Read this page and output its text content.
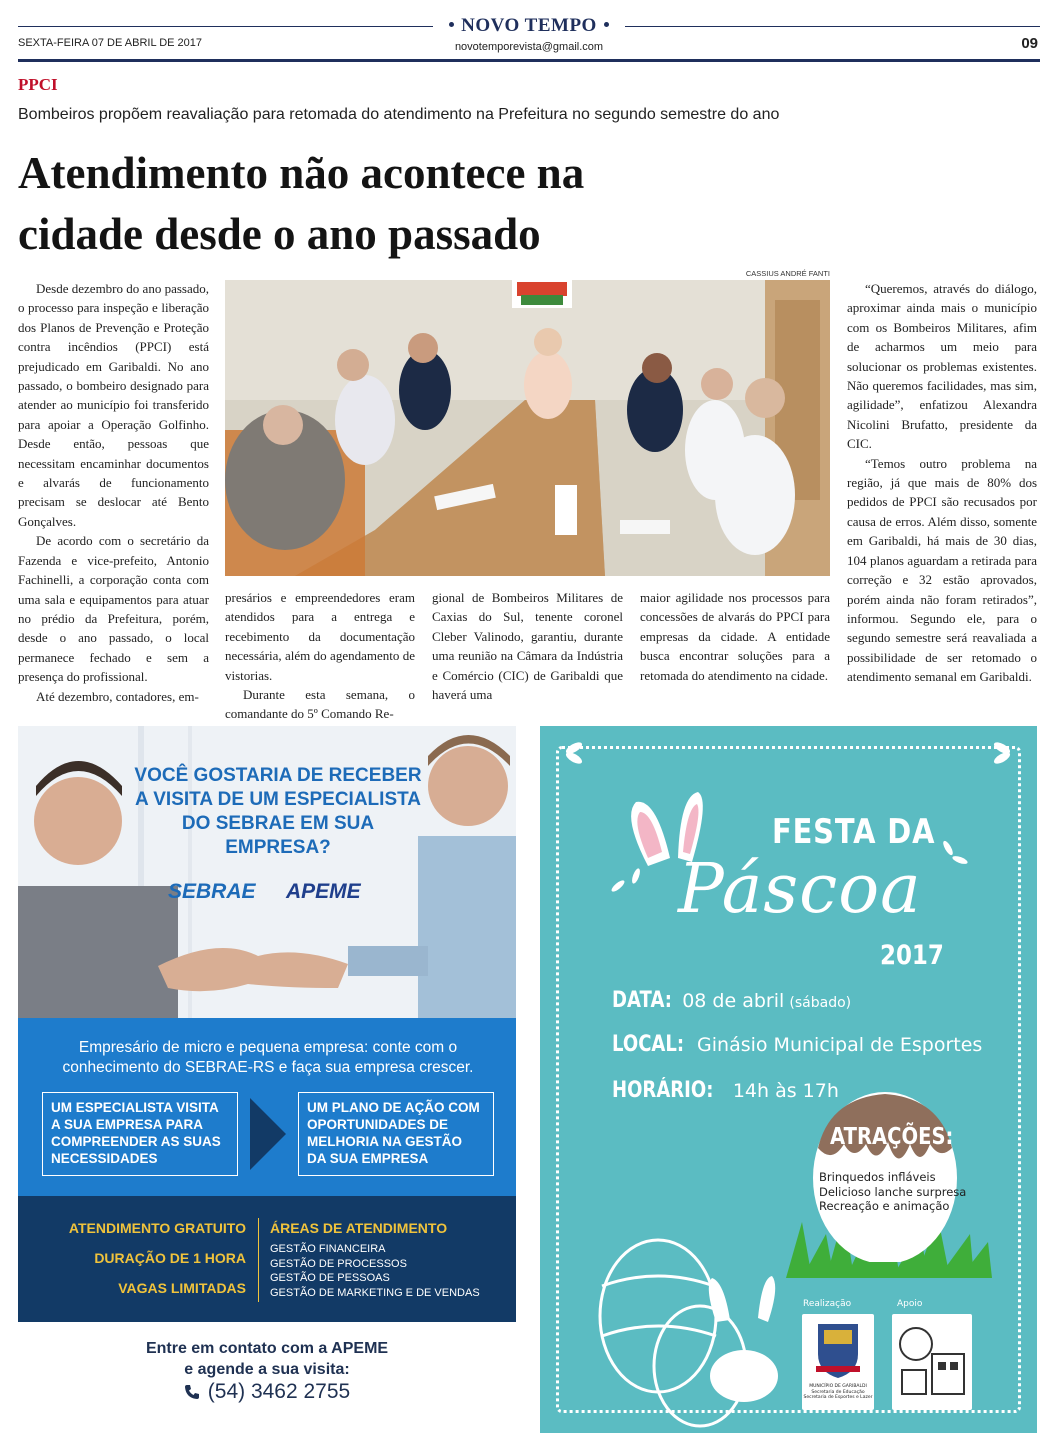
NOVO TEMPO
SEXTA-FEIRA 07 DE ABRIL DE 2017	novotemporevista@gmail.com	09
PPCI
Bombeiros propõem reavaliação para retomada do atendimento na Prefeitura no segundo semestre do ano
Atendimento não acontece na
cidade desde o ano passado

Desde dezembro do ano passado, o processo para inspeção e liberação dos Planos de Prevenção e Proteção contra incêndios (PPCI) está prejudicado em Garibaldi. No ano passado, o bombeiro designado para atender ao município foi transferido para apoiar a Operação Golfinho. Desde então, pessoas que necessitam encaminhar documentos e alvarás de funcionamento precisam se deslocar até Bento Gonçalves.

De acordo com o secretário da Fazenda e vice-prefeito, Antonio Fachinelli, a corporação conta com uma sala e equipamentos para atuar no prédio da Prefeitura, porém, desde o ano passado, o local permanece fechado e sem a presença do profissional.

Até dezembro, contadores, em-

CASSIUS ANDRÉ FANTI

presários e empreendedores eram atendidos para a entrega e recebimento da documentação necessária, além do agendamento de vistorias.

Durante esta semana, o comandante do 5º Comando Re-

gional de Bombeiros Militares de Caxias do Sul, tenente coronel Cleber Valinodo, garantiu, durante uma reunião na Câmara da Indústria e Comércio (CIC) de Garibaldi que haverá uma

maior agilidade nos processos para concessões de alvarás do PPCI para empresas da cidade. A entidade busca encontrar soluções para a retomada do atendimento na cidade.

“Queremos, através do diálogo, aproximar ainda mais o município com os Bombeiros Militares, afim de acharmos um meio para solucionar os problemas existentes. Não queremos facilidades, mas sim, agilidade”, enfatizou Alexandra Nicolini Brufatto, presidente da CIC.

“Temos outro problema na região, já que mais de 80% dos pedidos de PPCI são recusados por causa de erros. Além disso, somente em Garibaldi, há mais de 30 dias, 104 planos aguardam a retirada para correção e 32 estão aprovados, porém ainda não foram retirados”, informou. Segundo ele, para o segundo semestre será reavaliada a possibilidade de ser retomado o atendimento semanal em Garibaldi.

VOCÊ GOSTARIA DE RECEBER A VISITA DE UM ESPECIALISTA DO SEBRAE EM SUA EMPRESA?
SEBRAE APEME
Empresário de micro e pequena empresa: conte com o conhecimento do SEBRAE-RS e faça sua empresa crescer.
UM ESPECIALISTA VISITA A SUA EMPRESA PARA COMPREENDER AS SUAS NECESSIDADES
UM PLANO DE AÇÃO COM OPORTUNIDADES DE MELHORIA NA GESTÃO DA SUA EMPRESA
ATENDIMENTO GRATUITO
DURAÇÃO DE 1 HORA
VAGAS LIMITADAS
ÁREAS DE ATENDIMENTO
GESTÃO FINANCEIRA
GESTÃO DE PROCESSOS
GESTÃO DE PESSOAS
GESTÃO DE MARKETING E DE VENDAS
Entre em contato com a APEME
e agende a sua visita:
(54) 3462 2755
FESTA DA
Páscoa
2017
DATA: 08 de abril (sábado)
LOCAL: Ginásio Municipal de Esportes
HORÁRIO: 14h às 17h
ATRAÇÕES:
Brinquedos infláveis
Delicioso lanche surpresa
Recreação e animação
Realização	Apoio
MUNICÍPIO DE GARIBALDI
Secretaria de Educação
Secretaria de Esportes e Lazer
